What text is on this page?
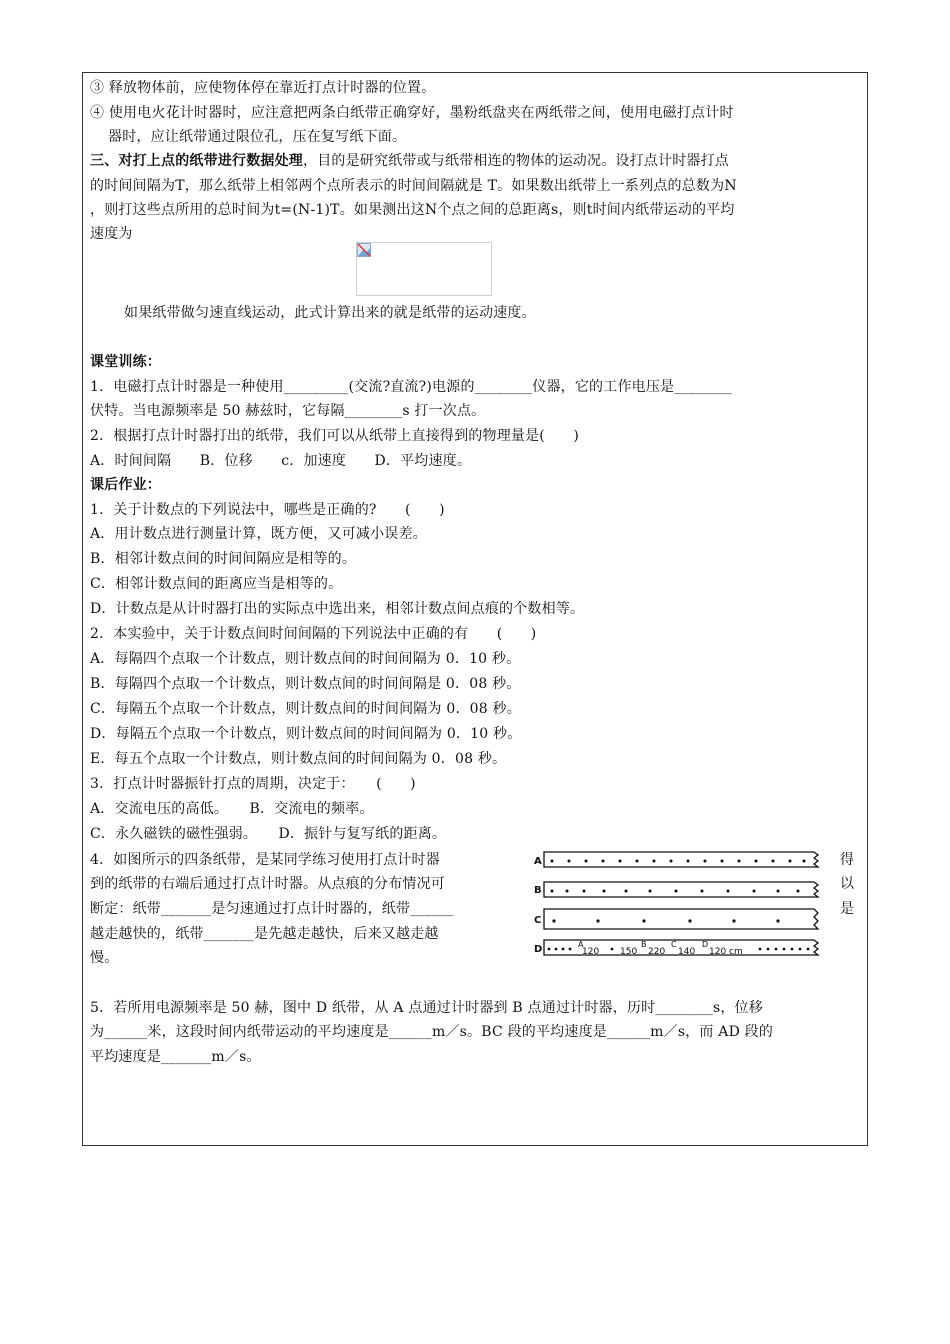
③ 释放物体前，应使物体停在靠近打点计时器的位置。
④ 使用电火花计时器时，应注意把两条白纸带正确穿好，墨粉纸盘夹在两纸带之间，使用电磁打点计时
器时，应让纸带通过限位孔，压在复写纸下面。
三、对打上点的纸带进行数据处理，目的是研究纸带或与纸带相连的物体的运动况。设打点计时器打点
的时间间隔为T，那么纸带上相邻两个点所表示的时间间隔就是 T。如果数出纸带上一系列点的总数为N
，则打这些点所用的总时间为t=(N-1)T。如果测出这N个点之间的总距离s，则t时间内纸带运动的平均
速度为
如果纸带做匀速直线运动，此式计算出来的就是纸带的运动速度。
课堂训练：
1．电磁打点计时器是一种使用_________(交流?直流?)电源的________仪器，它的工作电压是________
伏特。当电源频率是 50 赫兹时，它每隔________s 打一次点。
2．根据打点计时器打出的纸带，我们可以从纸带上直接得到的物理量是(　　)
A．时间间隔　　B．位移　　c．加速度　　D．平均速度。
课后作业：
1．关于计数点的下列说法中，哪些是正确的?　　(　　)
A．用计数点进行测量计算，既方便，又可减小误差。
B．相邻计数点间的时间间隔应是相等的。
C．相邻计数点间的距离应当是相等的。
D．计数点是从计时器打出的实际点中选出来，相邻计数点间点痕的个数相等。
2．本实验中，关于计数点间时间间隔的下列说法中正确的有　　(　　)
A．每隔四个点取一个计数点，则计数点间的时间间隔为 0．10 秒。
B．每隔四个点取一个计数点，则计数点间的时间间隔是 0．08 秒。
C．每隔五个点取一个计数点，则计数点间的时间间隔为 0．08 秒。
D．每隔五个点取一个计数点，则计数点间的时间间隔为 0．10 秒。
E．每五个点取一个计数点，则计数点间的时间间隔为 0．08 秒。
3．打点计时器振针打点的周期，决定于：　　(　　)
A．交流电压的高低。　　B．交流电的频率。
C．永久磁铁的磁性强弱。　　D．振针与复写纸的距离。
4．如图所示的四条纸带，是某同学练习使用打点计时器
到的纸带的右端后通过打点计时器。从点痕的分布情况可
断定：纸带_______是匀速通过打点计时器的，纸带______
越走越快的，纸带_______是先越走越快，后来又越走越
慢。
得
以
是
A
B
C
D	A
120 150
B
220
C
140
D
120 cm
5．若所用电源频率是 50 赫，图中 D 纸带，从 A 点通过计时器到 B 点通过计时器，历时________s，位移
为______米，这段时间内纸带运动的平均速度是______m／s。BC 段的平均速度是______m／s，而 AD 段的
平均速度是_______m／s。
